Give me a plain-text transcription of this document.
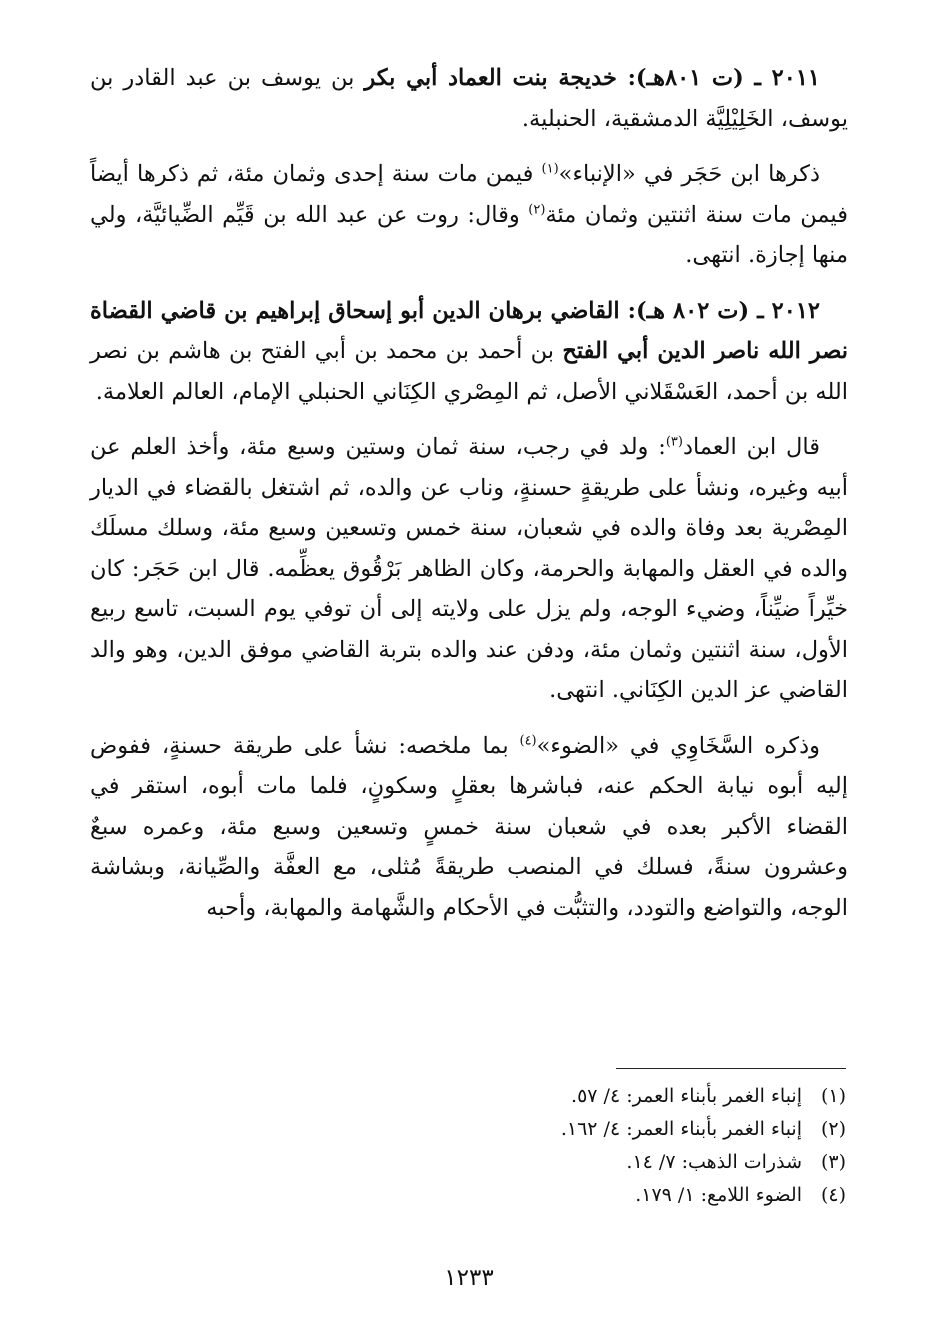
٢٠١١ ـ (ت ٨٠١هـ): خديجة بنت العماد أبي بكر بن يوسف بن عبد القادر بن يوسف، الخَلِيْلِيَّة الدمشقية، الحنبلية.

ذكرها ابن حَجَر في «الإنباء»$^{(١)}$ فيمن مات سنة إحدى وثمان مئة، ثم ذكرها أيضاً فيمن مات سنة اثنتين وثمان مئة$^{(٢)}$ وقال: روت عن عبد الله بن قَيِّم الضِّيائيَّة، ولي منها إجازة. انتهى.

٢٠١٢ ـ (ت ٨٠٢ هـ): القاضي برهان الدين أبو إسحاق إبراهيم بن قاضي القضاة نصر الله ناصر الدين أبي الفتح بن أحمد بن محمد بن أبي الفتح بن هاشم بن نصر الله بن أحمد، العَسْقَلاني الأصل، ثم المِصْري الكِنَاني الحنبلي الإمام، العالم العلامة.

قال ابن العماد$^{(٣)}$: ولد في رجب، سنة ثمان وستين وسبع مئة، وأخذ العلم عن أبيه وغيره، ونشأ على طريقةٍ حسنةٍ، وناب عن والده، ثم اشتغل بالقضاء في الديار المِصْرية بعد وفاة والده في شعبان، سنة خمس وتسعين وسبع مئة، وسلك مسلَك والده في العقل والمهابة والحرمة، وكان الظاهر بَرْقُوق يعظِّمه. قال ابن حَجَر: كان خيِّراً ضيِّناً، وضيء الوجه، ولم يزل على ولايته إلى أن توفي يوم السبت، تاسع ربيع الأول، سنة اثنتين وثمان مئة، ودفن عند والده بتربة القاضي موفق الدين، وهو والد القاضي عز الدين الكِنَاني. انتهى.

وذكره السَّخَاوِي في «الضوء»$^{(٤)}$ بما ملخصه: نشأ على طريقة حسنةٍ، ففوض إليه أبوه نيابة الحكم عنه، فباشرها بعقلٍ وسكونٍ، فلما مات أبوه، استقر في القضاء الأكبر بعده في شعبان سنة خمسٍ وتسعين وسبع مئة، وعمره سبعٌ وعشرون سنةً، فسلك في المنصب طريقةً مُثلى، مع العفَّة والصِّيانة، وبشاشة الوجه، والتواضع والتودد، والتثبُّت في الأحكام والشَّهامة والمهابة، وأحبه

(١)
إنباء الغمر بأبناء العمر: ٤/ ٥٧.
(٢)
إنباء الغمر بأبناء العمر: ٤/ ١٦٢.
(٣)
شذرات الذهب: ٧/ ١٤.
(٤)
الضوء اللامع: ١/ ١٧٩.
١٢٣٣
